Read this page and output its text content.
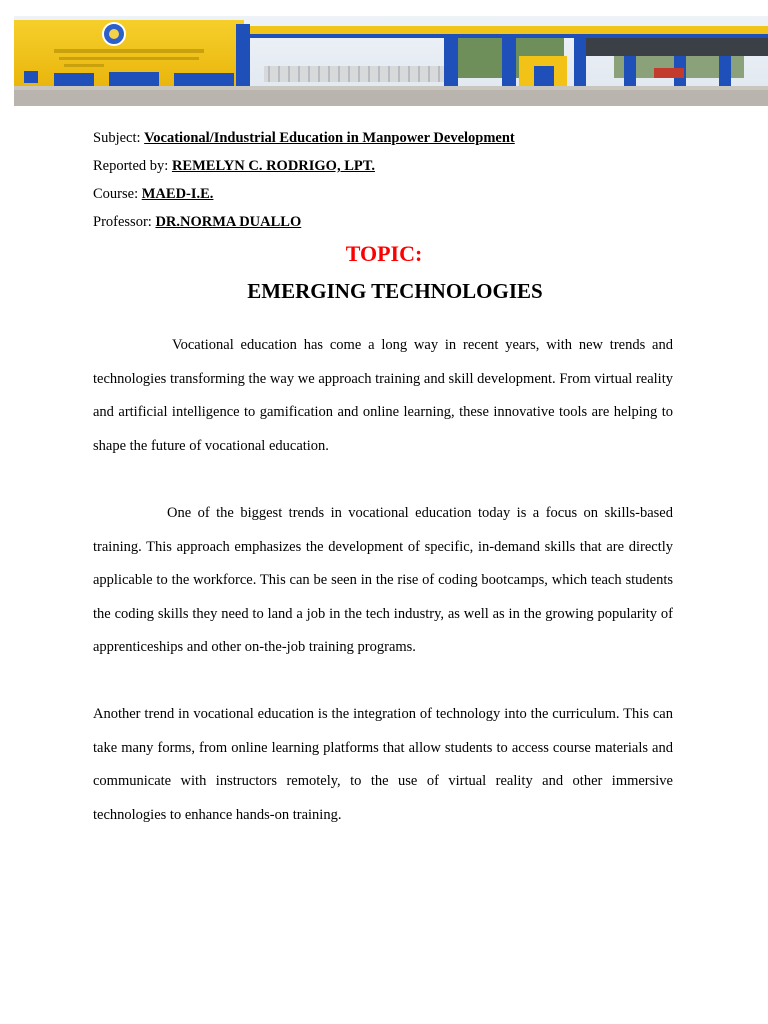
Subject: Vocational/Industrial Education in Manpower Development
Reported by: REMELYN C. RODRIGO, LPT.
Course: MAED-I.E.
Professor: DR.NORMA DUALLO
TOPIC:
EMERGING TECHNOLOGIES

Vocational education has come a long way in recent years, with new trends and technologies transforming the way we approach training and skill development. From virtual reality and artificial intelligence to gamification and online learning, these innovative tools are helping to shape the future of vocational education.

One of the biggest trends in vocational education today is a focus on skills-based training. This approach emphasizes the development of specific, in-demand skills that are directly applicable to the workforce. This can be seen in the rise of coding bootcamps, which teach students the coding skills they need to land a job in the tech industry, as well as in the growing popularity of apprenticeships and other on-the-job training programs.

Another trend in vocational education is the integration of technology into the curriculum. This can take many forms, from online learning platforms that allow students to access course materials and communicate with instructors remotely, to the use of virtual reality and other immersive technologies to enhance hands-on training.
